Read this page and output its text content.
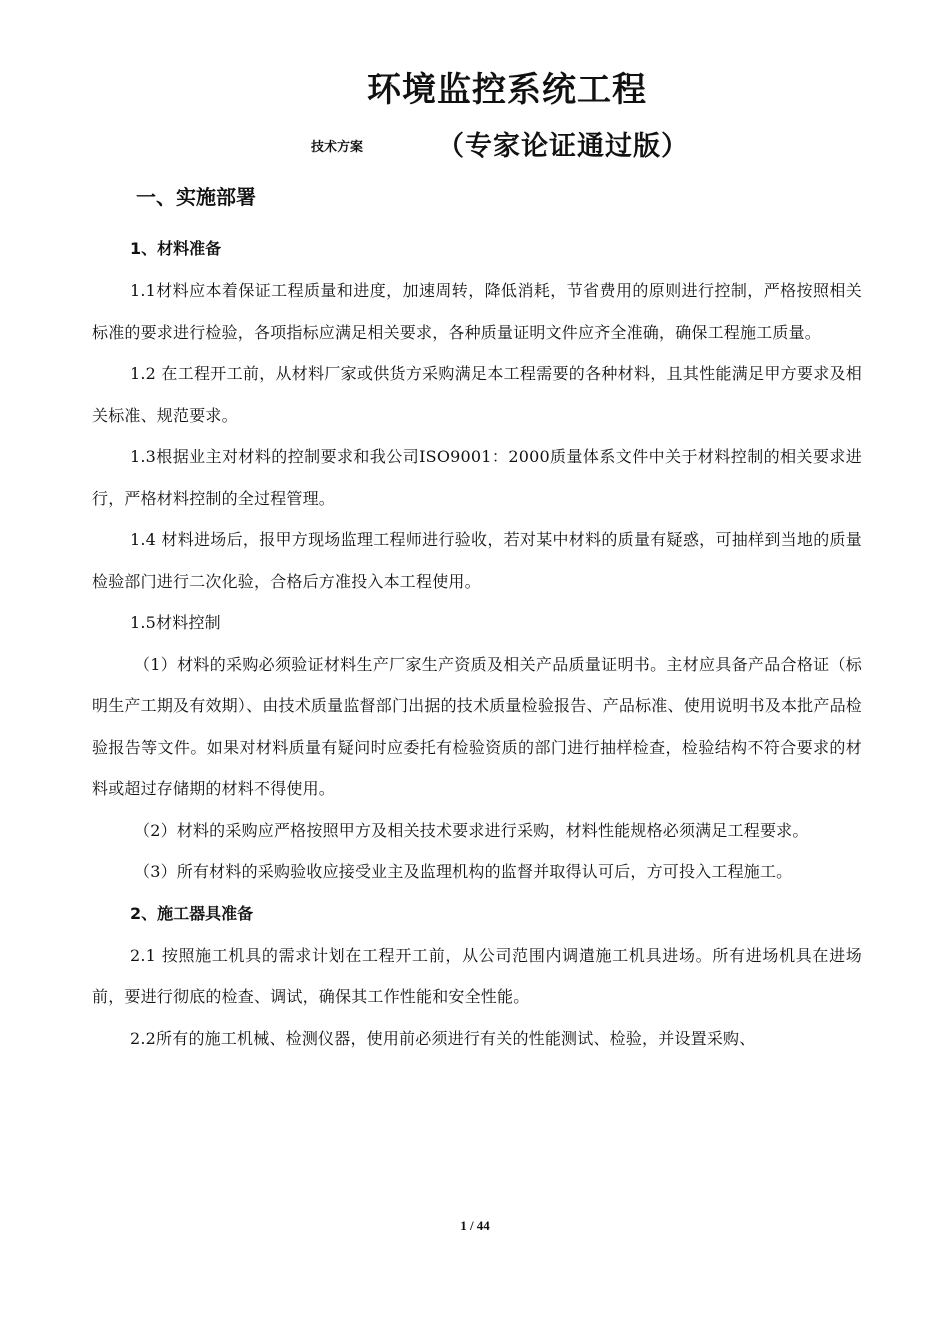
环境监控系统工程
技术方案	（专家论证通过版）
一、实施部署
1、材料准备

1.1材料应本着保证工程质量和进度，加速周转，降低消耗，节省费用的原则进行控制，严格按照相关标准的要求进行检验，各项指标应满足相关要求，各种质量证明文件应齐全准确，确保工程施工质量。

1.2 在工程开工前，从材料厂家或供货方采购满足本工程需要的各种材料，且其性能满足甲方要求及相关标准、规范要求。

1.3根据业主对材料的控制要求和我公司ISO9001：2000质量体系文件中关于材料控制的相关要求进行，严格材料控制的全过程管理。

1.4 材料进场后，报甲方现场监理工程师进行验收，若对某中材料的质量有疑惑，可抽样到当地的质量检验部门进行二次化验，合格后方准投入本工程使用。

1.5材料控制

（1）材料的采购必须验证材料生产厂家生产资质及相关产品质量证明书。主材应具备产品合格证（标明生产工期及有效期）、由技术质量监督部门出据的技术质量检验报告、产品标准、使用说明书及本批产品检验报告等文件。如果对材料质量有疑问时应委托有检验资质的部门进行抽样检查，检验结构不符合要求的材料或超过存储期的材料不得使用。

（2）材料的采购应严格按照甲方及相关技术要求进行采购，材料性能规格必须满足工程要求。

（3）所有材料的采购验收应接受业主及监理机构的监督并取得认可后，方可投入工程施工。

2、施工器具准备

2.1 按照施工机具的需求计划在工程开工前，从公司范围内调遣施工机具进场。所有进场机具在进场前，要进行彻底的检查、调试，确保其工作性能和安全性能。

2.2所有的施工机械、检测仪器，使用前必须进行有关的性能测试、检验，并设置采购、

1 / 44
